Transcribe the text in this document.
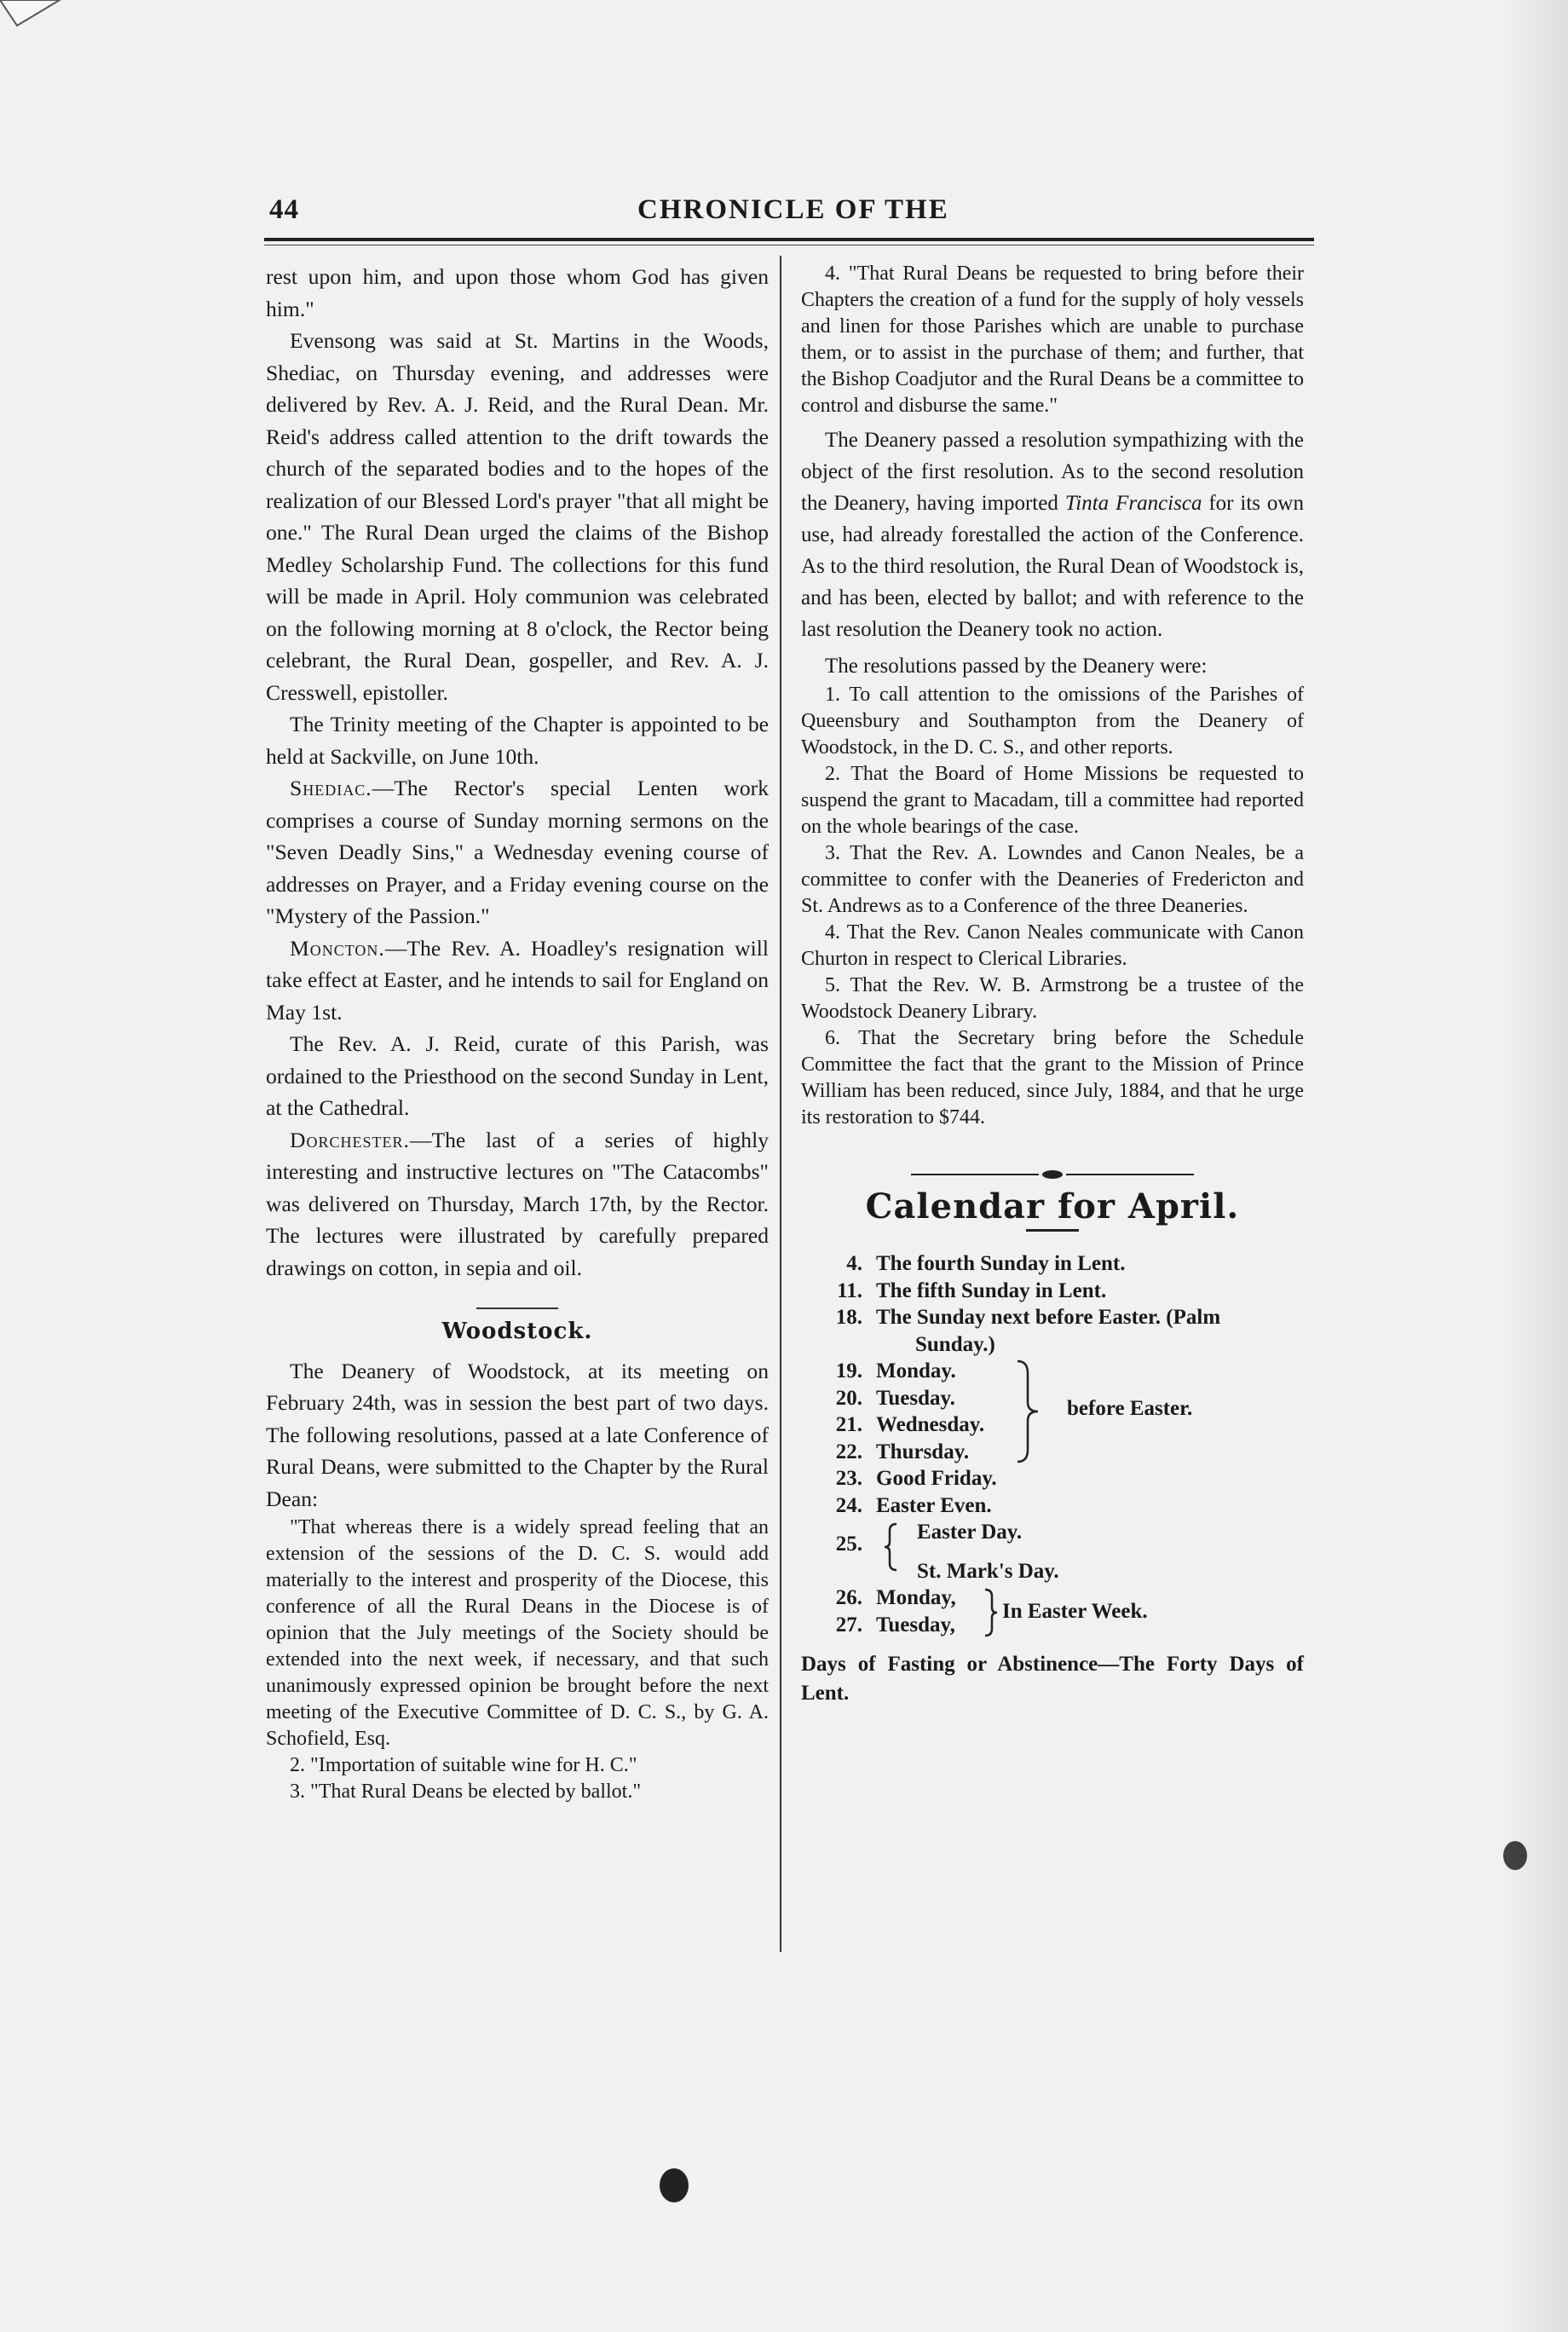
44	CHRONICLE OF THE

rest upon him, and upon those whom God has given him."

Evensong was said at St. Martins in the Woods, Shediac, on Thursday evening, and addresses were delivered by Rev. A. J. Reid, and the Rural Dean. Mr. Reid's address called attention to the drift towards the church of the separated bodies and to the hopes of the realization of our Blessed Lord's prayer "that all might be one." The Rural Dean urged the claims of the Bishop Medley Scholarship Fund. The collections for this fund will be made in April. Holy communion was celebrated on the following morning at 8 o'clock, the Rector being celebrant, the Rural Dean, gospeller, and Rev. A. J. Cresswell, epistoller.

The Trinity meeting of the Chapter is appointed to be held at Sackville, on June 10th.

Shediac.—The Rector's special Lenten work comprises a course of Sunday morning sermons on the "Seven Deadly Sins," a Wednesday evening course of addresses on Prayer, and a Friday evening course on the "Mystery of the Passion."

Moncton.—The Rev. A. Hoadley's resignation will take effect at Easter, and he intends to sail for England on May 1st.

The Rev. A. J. Reid, curate of this Parish, was ordained to the Priesthood on the second Sunday in Lent, at the Cathedral.

Dorchester.—The last of a series of highly interesting and instructive lectures on "The Catacombs" was delivered on Thursday, March 17th, by the Rector. The lectures were illustrated by carefully prepared drawings on cotton, in sepia and oil.

Woodstock.

The Deanery of Woodstock, at its meeting on February 24th, was in session the best part of two days. The following resolutions, passed at a late Conference of Rural Deans, were submitted to the Chapter by the Rural Dean:

"That whereas there is a widely spread feeling that an extension of the sessions of the D. C. S. would add materially to the interest and prosperity of the Diocese, this conference of all the Rural Deans in the Diocese is of opinion that the July meetings of the Society should be extended into the next week, if necessary, and that such unanimously expressed opinion be brought before the next meeting of the Executive Committee of D. C. S., by G. A. Schofield, Esq.

2. "Importation of suitable wine for H. C."

3. "That Rural Deans be elected by ballot."

4. "That Rural Deans be requested to bring before their Chapters the creation of a fund for the supply of holy vessels and linen for those Parishes which are unable to purchase them, or to assist in the purchase of them; and further, that the Bishop Coadjutor and the Rural Deans be a committee to control and disburse the same."

The Deanery passed a resolution sympathizing with the object of the first resolution. As to the second resolution the Deanery, having imported Tinta Francisca for its own use, had already forestalled the action of the Conference. As to the third resolution, the Rural Dean of Woodstock is, and has been, elected by ballot; and with reference to the last resolution the Deanery took no action.

The resolutions passed by the Deanery were:

1. To call attention to the omissions of the Parishes of Queensbury and Southampton from the Deanery of Woodstock, in the D. C. S., and other reports.

2. That the Board of Home Missions be requested to suspend the grant to Macadam, till a committee had reported on the whole bearings of the case.

3. That the Rev. A. Lowndes and Canon Neales, be a committee to confer with the Deaneries of Fredericton and St. Andrews as to a Conference of the three Deaneries.

4. That the Rev. Canon Neales communicate with Canon Churton in respect to Clerical Libraries.

5. That the Rev. W. B. Armstrong be a trustee of the Woodstock Deanery Library.

6. That the Secretary bring before the Schedule Committee the fact that the grant to the Mission of Prince William has been reduced, since July, 1884, and that he urge its restoration to $744.

Calendar for April.
4. The fourth Sunday in Lent.
11. The fifth Sunday in Lent.
18. The Sunday next before Easter. (Palm
Sunday.)
19. Monday.
20. Tuesday.
21. Wednesday.
22. Thursday.
before Easter.
23. Good Friday.
24. Easter Even.
25.
Easter Day.
St. Mark's Day.
26. Monday,
27. Tuesday,
In Easter Week.

Days of Fasting or Abstinence—The Forty Days of Lent.
